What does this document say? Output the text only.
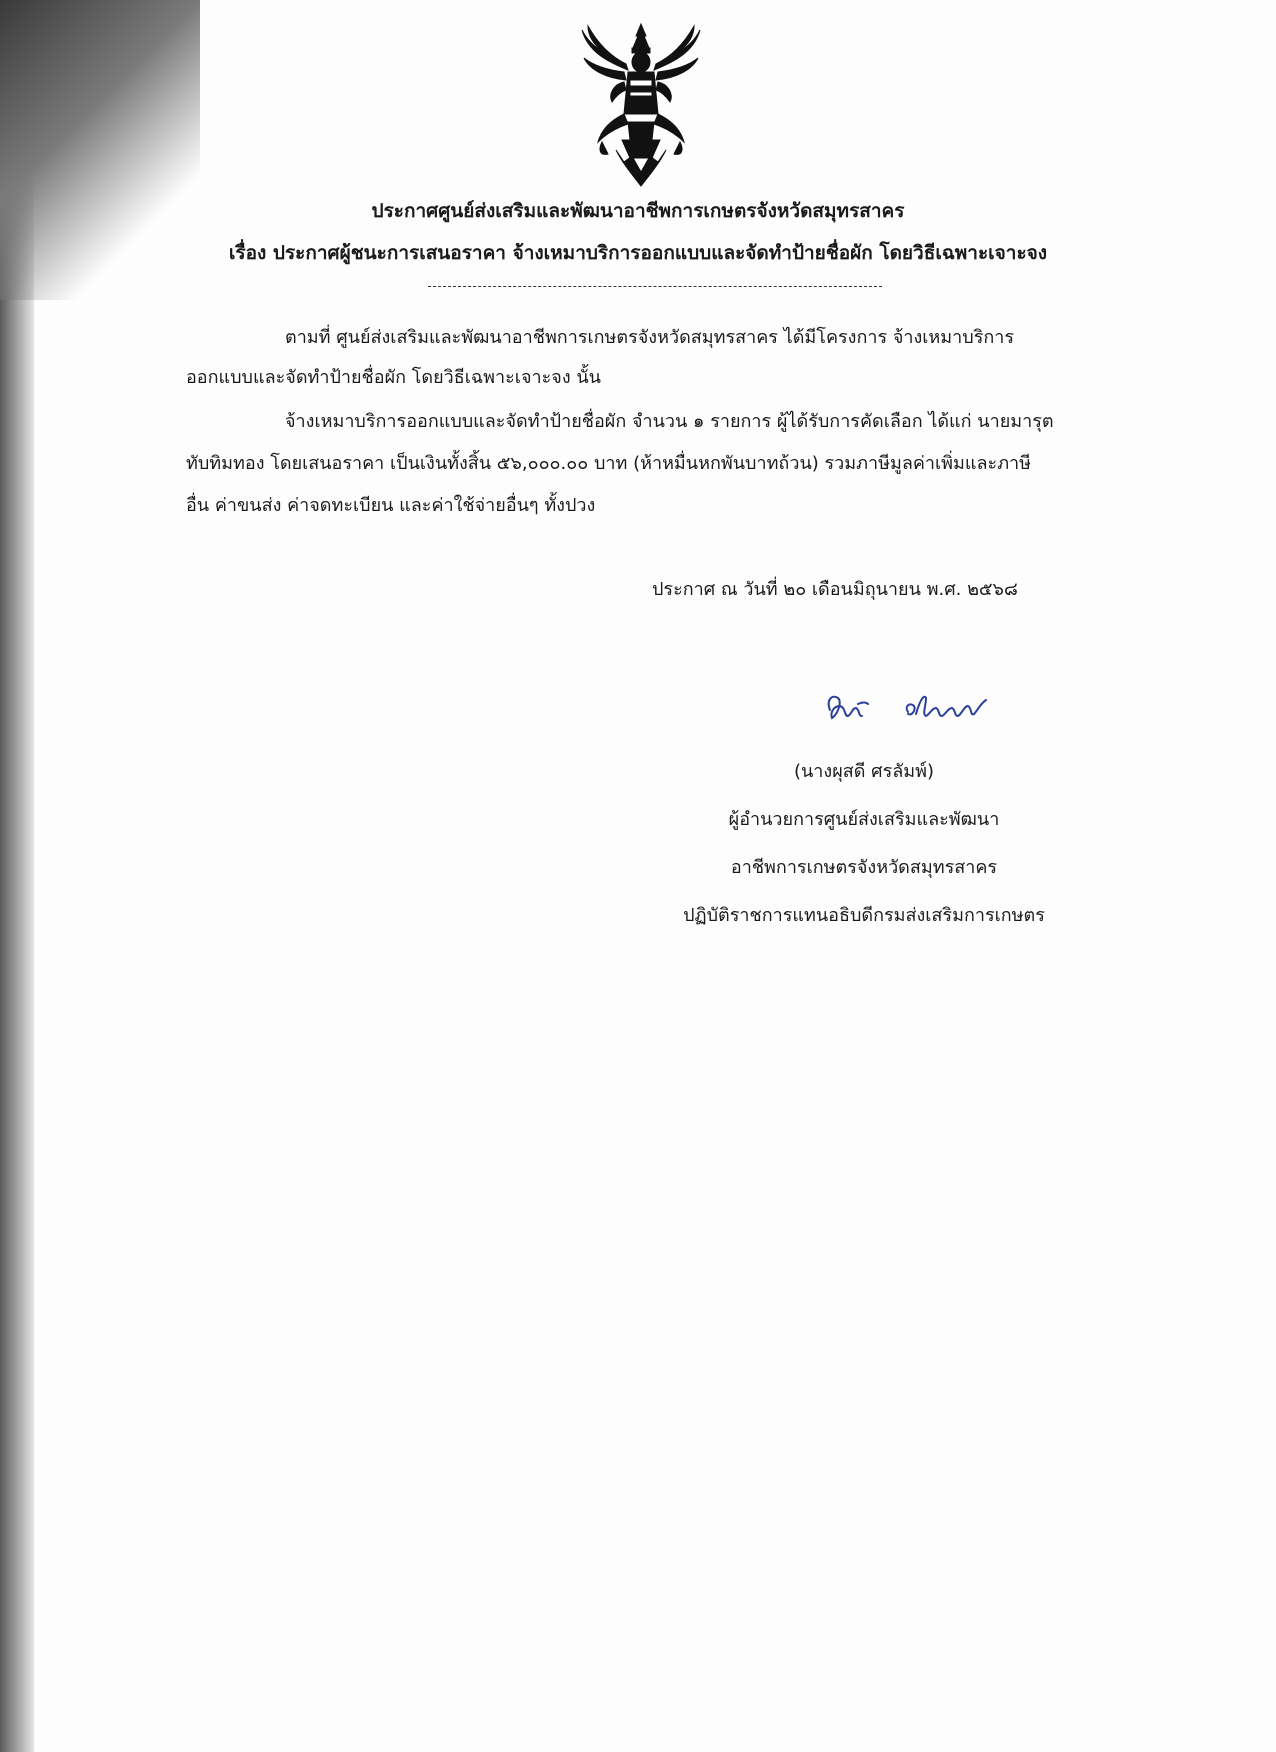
ประกาศศูนย์ส่งเสริมและพัฒนาอาชีพการเกษตรจังหวัดสมุทรสาคร
เรื่อง ประกาศผู้ชนะการเสนอราคา จ้างเหมาบริการออกแบบและจัดทำป้ายชื่อผัก โดยวิธีเฉพาะเจาะจง
ตามที่ ศูนย์ส่งเสริมและพัฒนาอาชีพการเกษตรจังหวัดสมุทรสาคร ได้มีโครงการ จ้างเหมาบริการ
ออกแบบและจัดทำป้ายชื่อผัก โดยวิธีเฉพาะเจาะจง นั้น
จ้างเหมาบริการออกแบบและจัดทำป้ายชื่อผัก จำนวน ๑ รายการ ผู้ได้รับการคัดเลือก ได้แก่ นายมารุต
ทับทิมทอง โดยเสนอราคา เป็นเงินทั้งสิ้น ๕๖,๐๐๐.๐๐ บาท (ห้าหมื่นหกพันบาทถ้วน) รวมภาษีมูลค่าเพิ่มและภาษี
อื่น ค่าขนส่ง ค่าจดทะเบียน และค่าใช้จ่ายอื่นๆ ทั้งปวง
ประกาศ ณ วันที่ ๒๐ เดือนมิถุนายน พ.ศ. ๒๕๖๘
(นางผุสดี ศรลัมพ์)
ผู้อำนวยการศูนย์ส่งเสริมและพัฒนา
อาชีพการเกษตรจังหวัดสมุทรสาคร
ปฏิบัติราชการแทนอธิบดีกรมส่งเสริมการเกษตร
